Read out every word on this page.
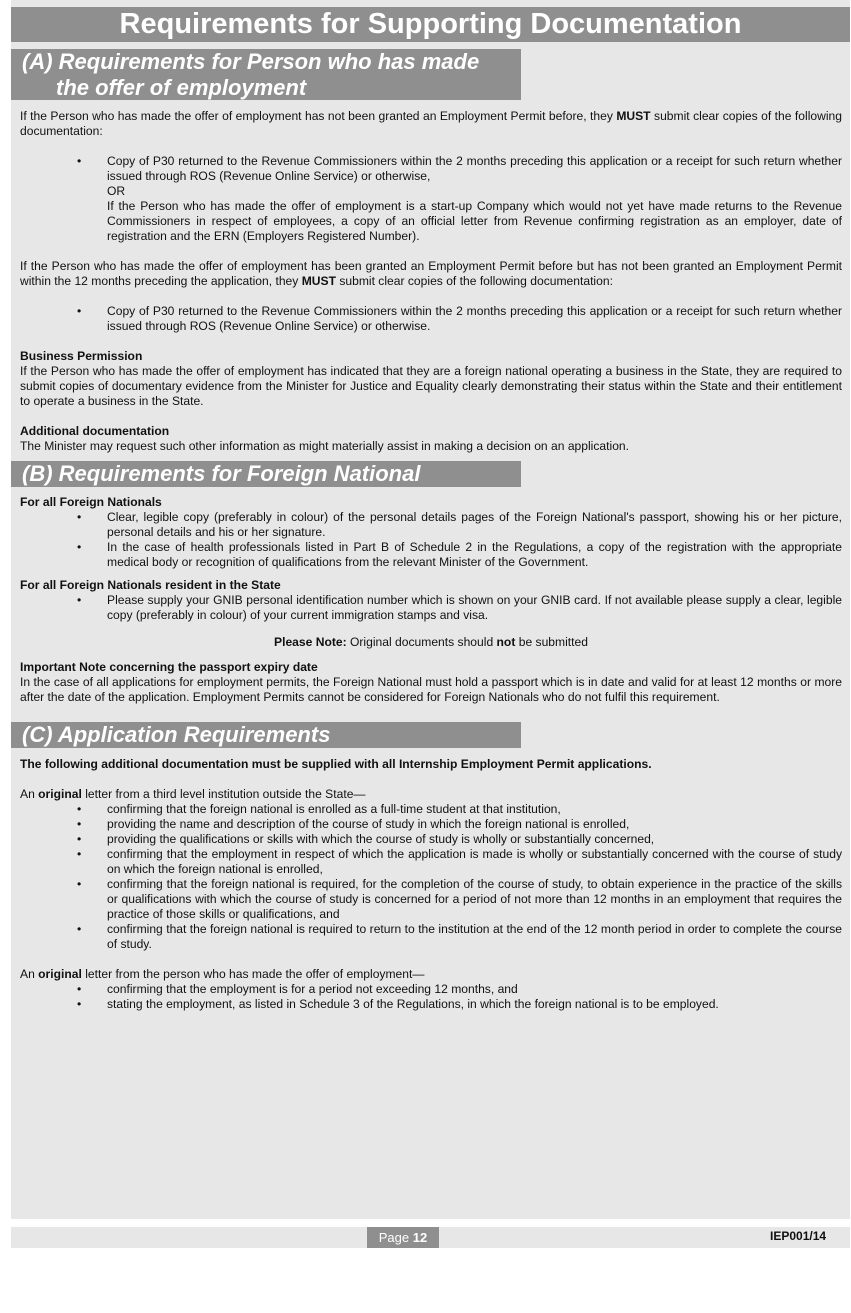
Requirements for Supporting Documentation
(A) Requirements for Person who has made
the offer of employment

If the Person who has made the offer of employment has not been granted an Employment Permit before, they MUST submit clear copies of the following documentation:

• Copy of P30 returned to the Revenue Commissioners within the 2 months preceding this application or a receipt for such return whether issued through ROS (Revenue Online Service) or otherwise,
OR
If the Person who has made the offer of employment is a start-up Company which would not yet have made returns to the Revenue Commissioners in respect of employees, a copy of an official letter from Revenue confirming registration as an employer, date of registration and the ERN (Employers Registered Number).

If the Person who has made the offer of employment has been granted an Employment Permit before but has not been granted an Employment Permit within the 12 months preceding the application, they MUST submit clear copies of the following documentation:

• Copy of P30 returned to the Revenue Commissioners within the 2 months preceding this application or a receipt for such return whether issued through ROS (Revenue Online Service) or otherwise.

Business Permission

If the Person who has made the offer of employment has indicated that they are a foreign national operating a business in the State, they are required to submit copies of documentary evidence from the Minister for Justice and Equality clearly demonstrating their status within the State and their entitlement to operate a business in the State.

Additional documentation

The Minister may request such other information as might materially assist in making a decision on an application.

(B) Requirements for Foreign National

For all Foreign Nationals

• Clear, legible copy (preferably in colour) of the personal details pages of the Foreign National's passport, showing his or her picture, personal details and his or her signature.
• In the case of health professionals listed in Part B of Schedule 2 in the Regulations, a copy of the registration with the appropriate medical body or recognition of qualifications from the relevant Minister of the Government.

For all Foreign Nationals resident in the State

• Please supply your GNIB personal identification number which is shown on your GNIB card. If not available please supply a clear, legible copy (preferably in colour) of your current immigration stamps and visa.

Please Note: Original documents should not be submitted

Important Note concerning the passport expiry date

In the case of all applications for employment permits, the Foreign National must hold a passport which is in date and valid for at least 12 months or more after the date of the application. Employment Permits cannot be considered for Foreign Nationals who do not fulfil this requirement.

(C) Application Requirements

The following additional documentation must be supplied with all Internship Employment Permit applications.

An original letter from a third level institution outside the State—

• confirming that the foreign national is enrolled as a full-time student at that institution,
• providing the name and description of the course of study in which the foreign national is enrolled,
• providing the qualifications or skills with which the course of study is wholly or substantially concerned,
• confirming that the employment in respect of which the application is made is wholly or substantially concerned with the course of study on which the foreign national is enrolled,
• confirming that the foreign national is required, for the completion of the course of study, to obtain experience in the practice of the skills or qualifications with which the course of study is concerned for a period of not more than 12 months in an employment that requires the practice of those skills or qualifications, and
• confirming that the foreign national is required to return to the institution at the end of the 12 month period in order to complete the course of study.

An original letter from the person who has made the offer of employment—

• confirming that the employment is for a period not exceeding 12 months, and
• stating the employment, as listed in Schedule 3 of the Regulations, in which the foreign national is to be employed.
Page 12	IEP001/14
